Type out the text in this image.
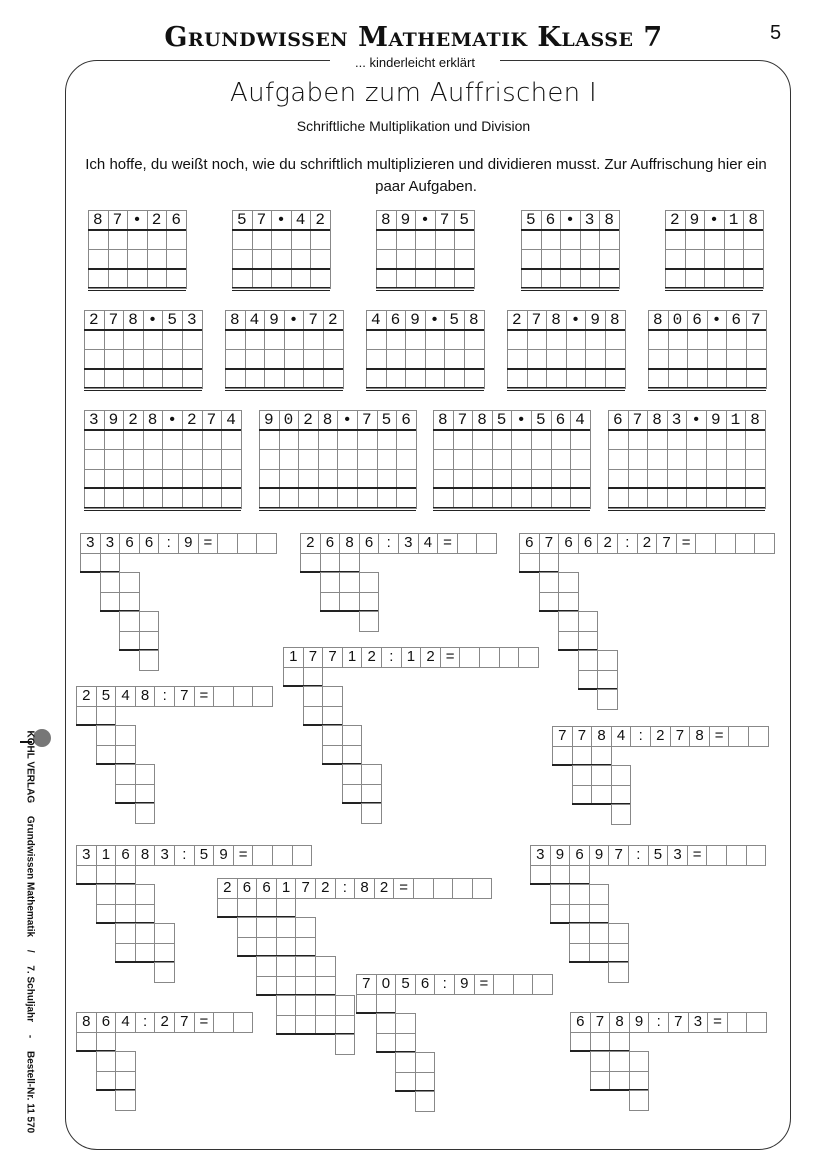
Grundwissen Mathematik Klasse 7	5
... kinderleicht erklärt
Aufgaben zum Auffrischen I
Schriftliche Multiplikation und Division
Ich hoffe, du weißt noch, wie du schriftlich multiplizieren und dividieren musst. Zur Auffrischung hier ein paar Aufgaben.
87•26	57•42	89•75	56•38	29•18
278•53	849•72	469•58	278•98	806•67
3928•274	9028•756	8785•564	6783•918
3 3 6 6 : 9 =	2 6 8 6 : 3 4 =	6 7 6 6 2 : 2 7 =
1 7 7 1 2 : 1 2 =
2 5 4 8 : 7 =
7 7 8 4 : 2 7 8 =
3 1 6 8 3 : 5 9 =
2 6 6 1 7 2 : 8 2 =
3 9 6 9 7 : 5 3 =
7 0 5 6 : 9 =
8 6 4 : 2 7 =	6 7 8 9 : 7 3 =
KOHL VERLAG Grundwissen Mathematik / 7. Schuljahr - Bestell-Nr. 11 570
